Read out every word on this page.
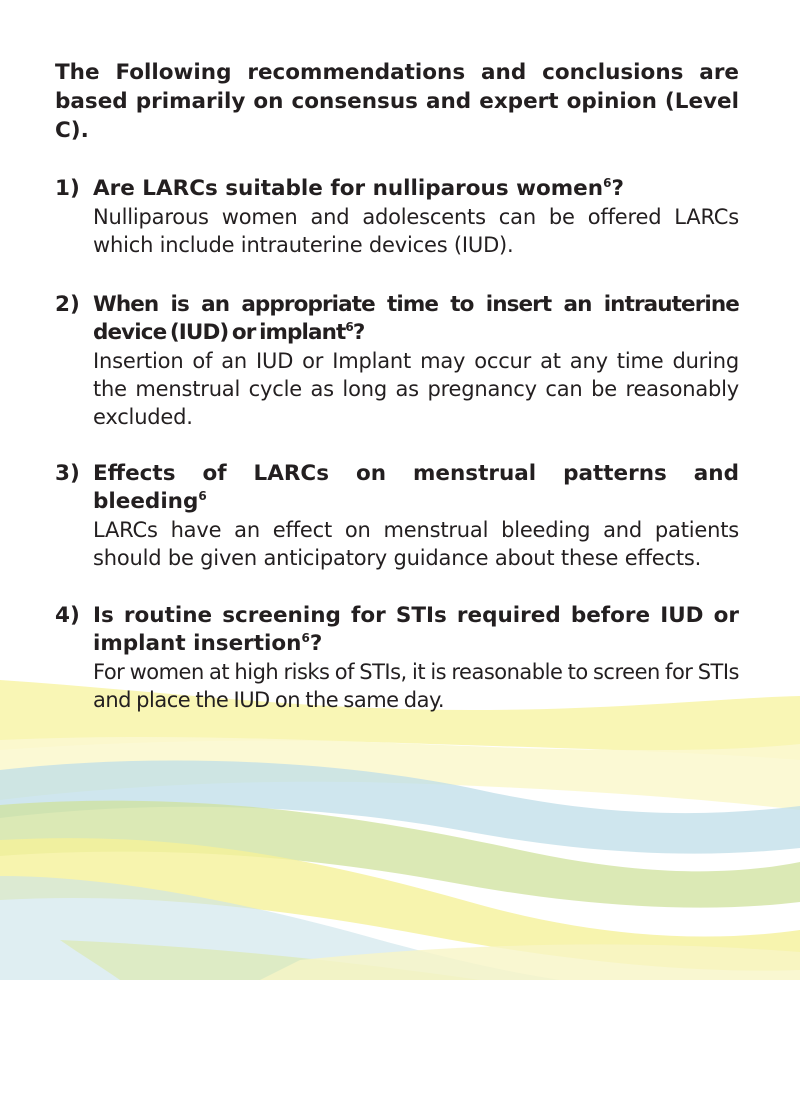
The Following recommendations and conclusions are based primarily on consensus and expert opinion (Level C).

1) Are LARCs suitable for nulliparous women$^6$?

Nulliparous women and adolescents can be offered LARCs which include intrauterine devices (IUD).

2) When is an appropriate time to insert an intrauterine device (IUD) or implant$^6$?

Insertion of an IUD or Implant may occur at any time during the menstrual cycle as long as pregnancy can be reasonably excluded.

3) Effects of LARCs on menstrual patterns and bleeding$^6$

LARCs have an effect on menstrual bleeding and patients should be given anticipatory guidance about these effects.

4) Is routine screening for STIs required before IUD or implant insertion$^6$?

For women at high risks of STIs, it is reasonable to screen for STIs and place the IUD on the same day.
